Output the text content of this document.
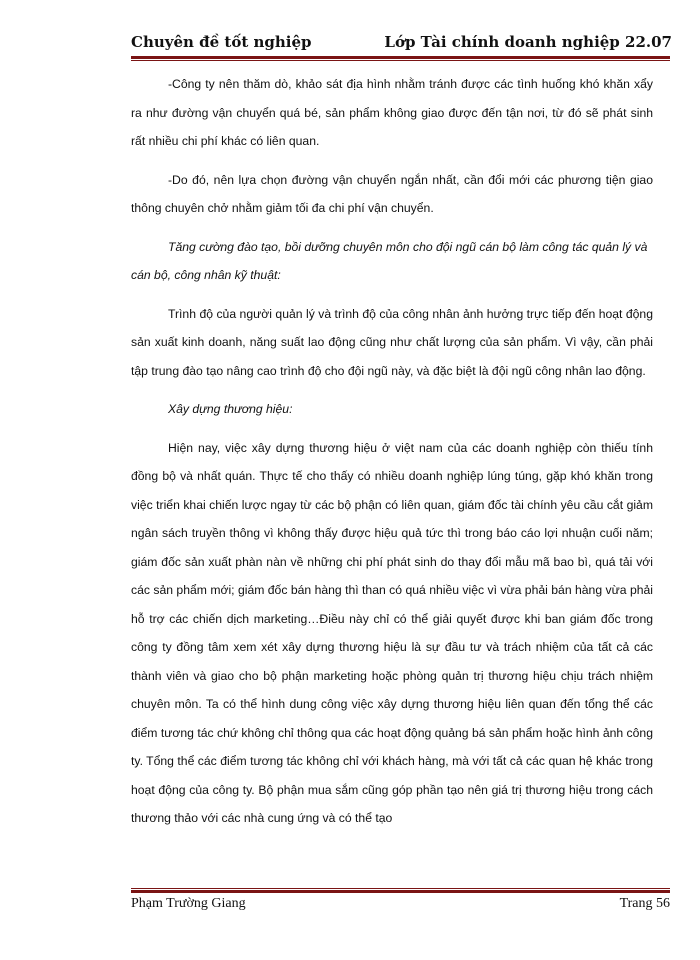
Chuyên đề tốt nghiệp	Lớp Tài chính doanh nghiệp 22.07

-Công ty nên thăm dò, khảo sát địa hình nhằm tránh được các tình huống khó khăn xẩy ra như đường vận chuyển quá bé, sản phẩm không giao được đến tận nơi, từ đó sẽ phát sinh rất nhiều chi phí khác có liên quan.

-Do đó, nên lựa chọn đường vận chuyển ngắn nhất, cần đổi mới các phương tiện giao thông chuyên chở nhằm giảm tối đa chi phí vận chuyển.

Tăng cường đào tạo, bồi dưỡng chuyên môn cho đội ngũ cán bộ làm công tác quản lý và cán bộ, công nhân kỹ thuật:

Trình độ của người quản lý và trình độ của công nhân ảnh hưởng trực tiếp đến hoạt động sản xuất kinh doanh, năng suất lao động cũng như chất lượng của sản phẩm. Vì vậy, cần phải tập trung đào tạo nâng cao trình độ cho đội ngũ này, và đặc biệt là đội ngũ công nhân lao động.

Xây dựng thương hiệu:

Hiện nay, việc xây dựng thương hiệu ở việt nam của các doanh nghiệp còn thiếu tính đồng bộ và nhất quán. Thực tế cho thấy có nhiều doanh nghiệp lúng túng, gặp khó khăn trong việc triển khai chiến lược ngay từ các bộ phận có liên quan, giám đốc tài chính yêu cầu cắt giảm ngân sách truyền thông vì không thấy được hiệu quả tức thì trong báo cáo lợi nhuận cuối năm; giám đốc sản xuất phàn nàn về những chi phí phát sinh do thay đổi mẫu mã bao bì, quá tải với các sản phẩm mới; giám đốc bán hàng thì than có quá nhiều việc vì vừa phải bán hàng vừa phải hỗ trợ các chiến dịch marketing…Điều này chỉ có thể giải quyết được khi ban giám đốc trong công ty đồng tâm xem xét xây dựng thương hiệu là sự đầu tư và trách nhiệm của tất cả các thành viên và giao cho bộ phận marketing hoặc phòng quản trị thương hiệu chịu trách nhiệm chuyên môn. Ta có thể hình dung công việc xây dựng thương hiệu liên quan đến tổng thể các điểm tương tác chứ không chỉ thông qua các hoạt động quảng bá sản phẩm hoặc hình ảnh công ty. Tổng thể các điểm tương tác không chỉ với khách hàng, mà với tất cả các quan hệ khác trong hoạt động của công ty. Bộ phận mua sắm cũng góp phần tạo nên giá trị thương hiệu trong cách thương thảo với các nhà cung ứng và có thể tạo

Phạm Trường Giang	Trang 56
